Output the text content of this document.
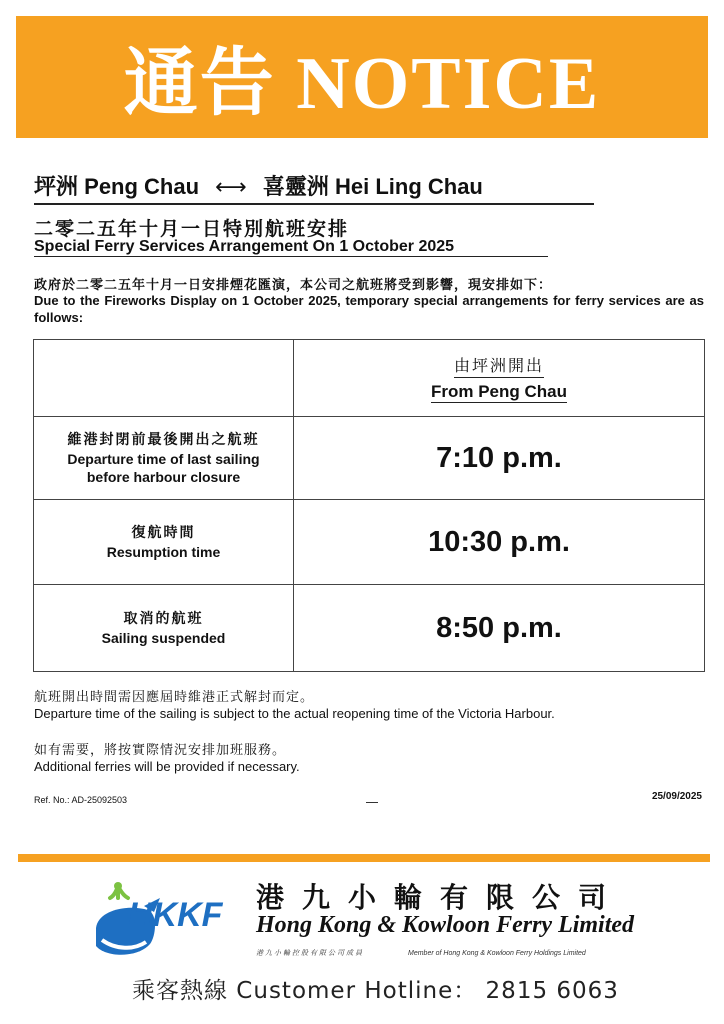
通告 NOTICE
坪洲 Peng Chau ⟷ 喜靈洲 Hei Ling Chau
二零二五年十月一日特別航班安排
Special Ferry Services Arrangement On 1 October 2025
政府於二零二五年十月一日安排煙花匯演，本公司之航班將受到影響，現安排如下：
Due to the Fireworks Display on 1 October 2025, temporary special arrangements for ferry services are as follows:

	由坪洲開出
From Peng Chau

維港封閉前最後開出之航班
Departure time of last sailing
before harbour closure	7:10 p.m.

復航時間
Resumption time	10:30 p.m.

取消的航班
Sailing suspended	8:50 p.m.
航班開出時間需因應屆時維港正式解封而定。
Departure time of the sailing is subject to the actual reopening time of the Victoria Harbour.
如有需要，將按實際情況安排加班服務。
Additional ferries will be provided if necessary.
Ref. No.: AD-25092503	25/09/2025
HKKF 港九小輪有限公司
Hong Kong & Kowloon Ferry Limited
港九小輪控股有限公司成員	Member of Hong Kong & Kowloon Ferry Holdings Limited
乘客熱線 Customer Hotline： 2815 6063
